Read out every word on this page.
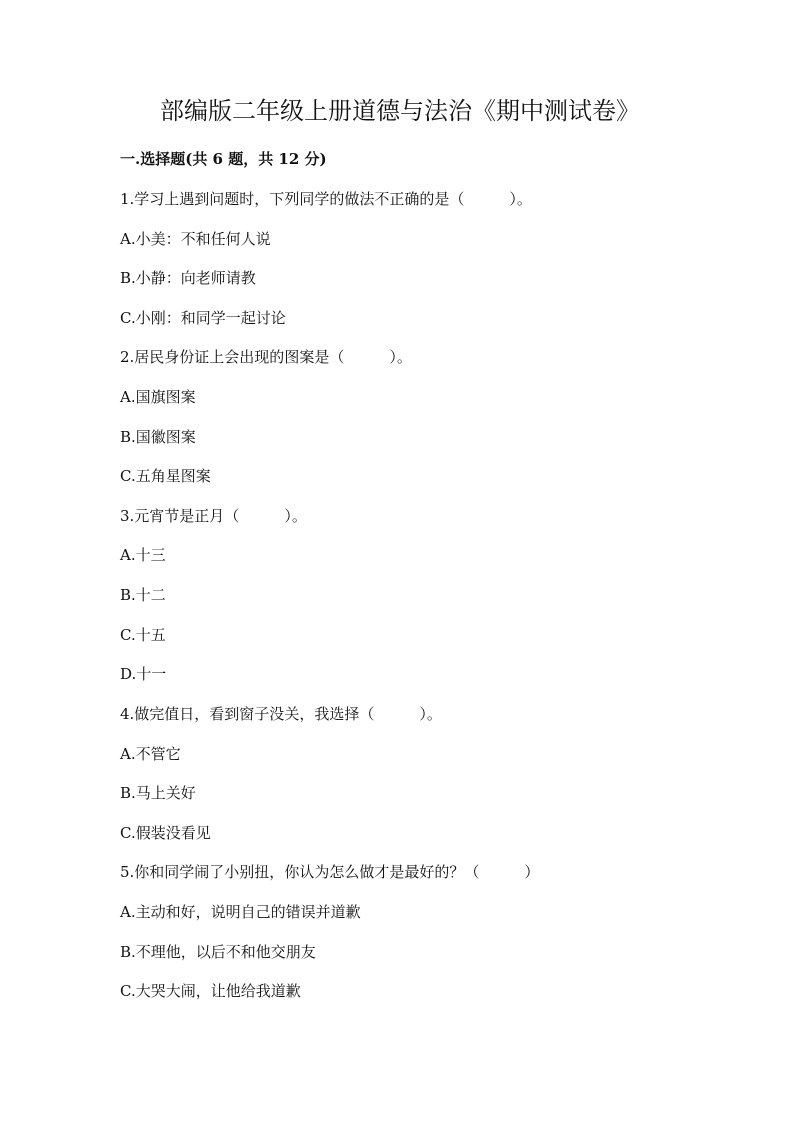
部编版二年级上册道德与法治《期中测试卷》
一.选择题(共 6 题，共 12 分)
1.学习上遇到问题时，下列同学的做法不正确的是（　　　）。
A.小美：不和任何人说
B.小静：向老师请教
C.小刚：和同学一起讨论
2.居民身份证上会出现的图案是（　　　）。
A.国旗图案
B.国徽图案
C.五角星图案
3.元宵节是正月（　　　）。
A.十三
B.十二
C.十五
D.十一
4.做完值日，看到窗子没关，我选择（　　　）。
A.不管它
B.马上关好
C.假装没看见
5.你和同学闹了小别扭，你认为怎么做才是最好的？（　　　）
A.主动和好，说明自己的错误并道歉
B.不理他，以后不和他交朋友
C.大哭大闹，让他给我道歉
